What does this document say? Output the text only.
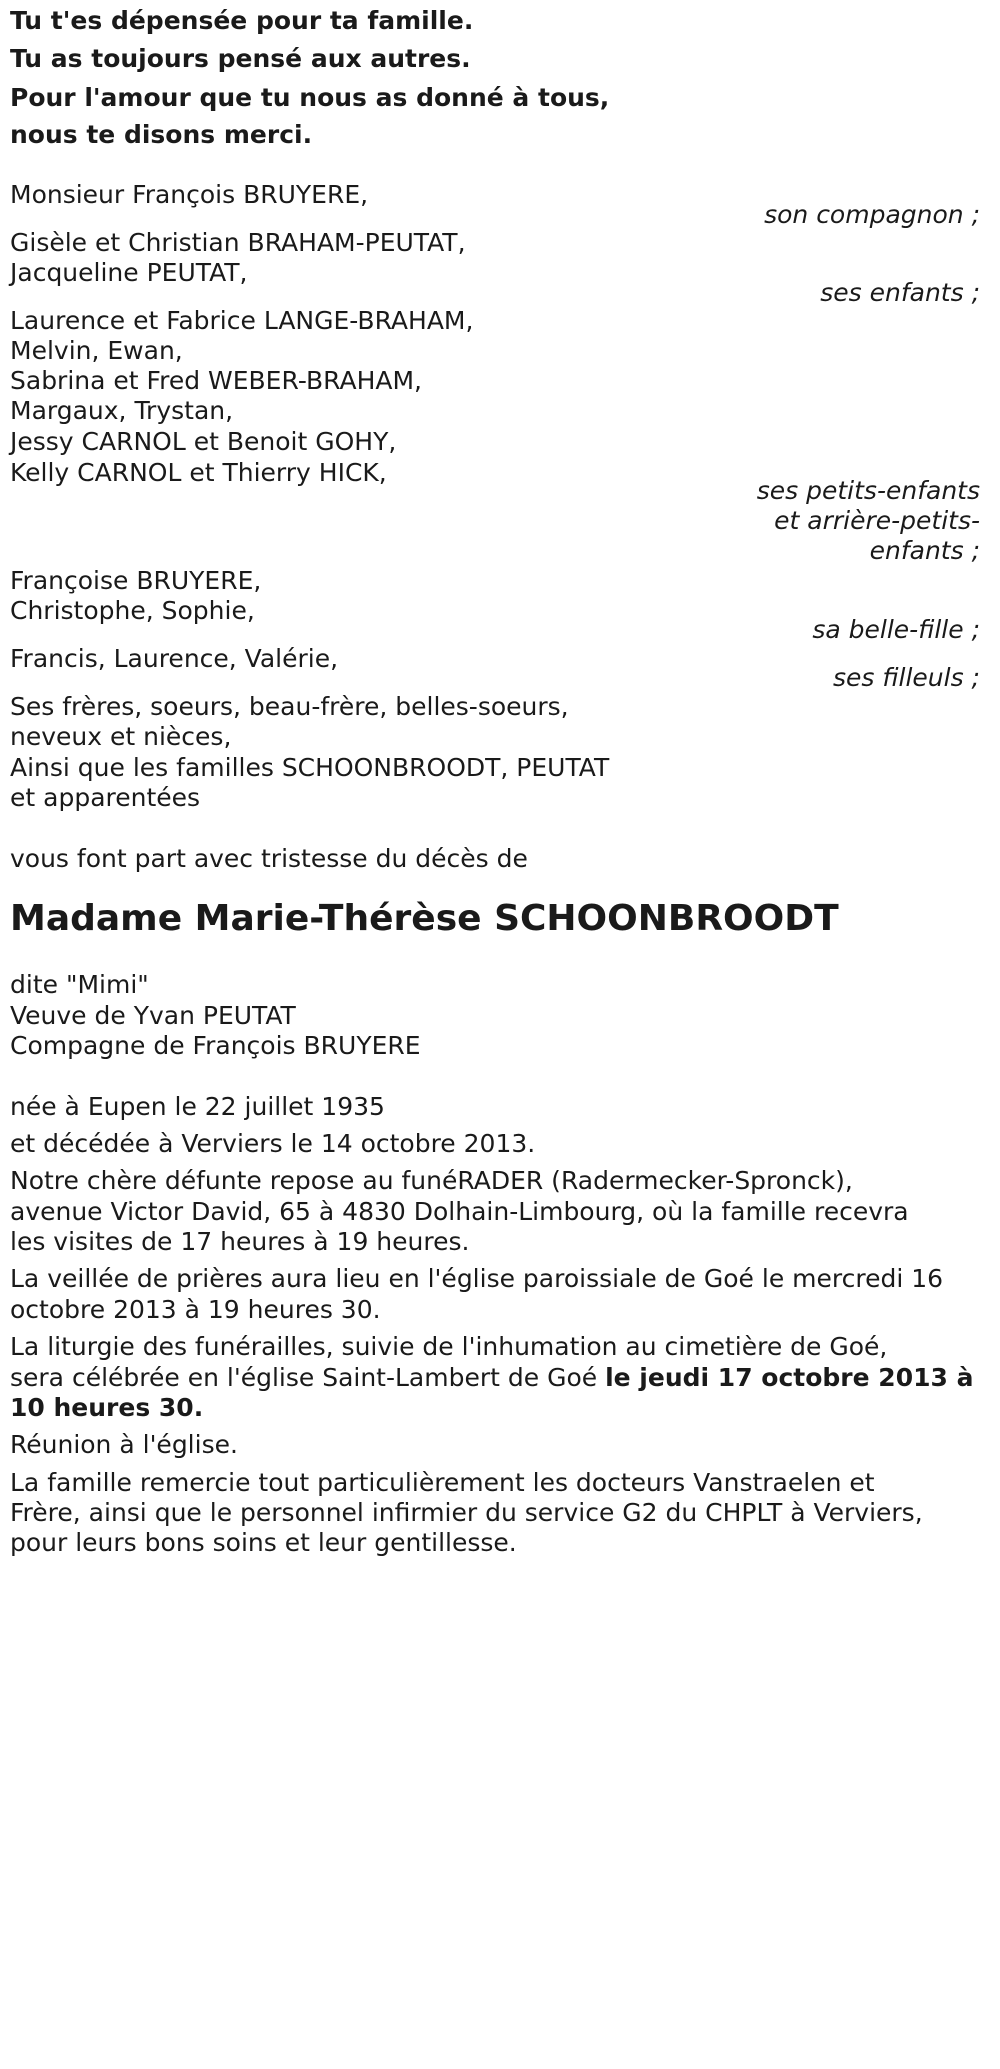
Tu t'es dépensée pour ta famille.
Tu as toujours pensé aux autres.
Pour l'amour que tu nous as donné à tous,
nous te disons merci.
Monsieur François BRUYERE,
son compagnon ;
Gisèle et Christian BRAHAM-PEUTAT,
Jacqueline PEUTAT,
ses enfants ;
Laurence et Fabrice LANGE-BRAHAM,
Melvin, Ewan,
Sabrina et Fred WEBER-BRAHAM,
Margaux, Trystan,
Jessy CARNOL et Benoit GOHY,
Kelly CARNOL et Thierry HICK,
ses petits-enfants
et arrière-petits-
enfants ;
Françoise BRUYERE,
Christophe, Sophie,
sa belle-fille ;
Francis, Laurence, Valérie,
ses filleuls ;
Ses frères, soeurs, beau-frère, belles-soeurs,
neveux et nièces,
Ainsi que les familles SCHOONBROODT, PEUTAT
et apparentées
vous font part avec tristesse du décès de
Madame Marie-Thérèse SCHOONBROODT
dite "Mimi"
Veuve de Yvan PEUTAT
Compagne de François BRUYERE
née à Eupen le 22 juillet 1935
et décédée à Verviers le 14 octobre 2013.
Notre chère défunte repose au funéRADER (Radermecker-Spronck),
avenue Victor David, 65 à 4830 Dolhain-Limbourg, où la famille recevra
les visites de 17 heures à 19 heures.
La veillée de prières aura lieu en l'église paroissiale de Goé le mercredi 16
octobre 2013 à 19 heures 30.
La liturgie des funérailles, suivie de l'inhumation au cimetière de Goé,
sera célébrée en l'église Saint-Lambert de Goé le jeudi 17 octobre 2013 à
10 heures 30.
Réunion à l'église.
La famille remercie tout particulièrement les docteurs Vanstraelen et
Frère, ainsi que le personnel infirmier du service G2 du CHPLT à Verviers,
pour leurs bons soins et leur gentillesse.
